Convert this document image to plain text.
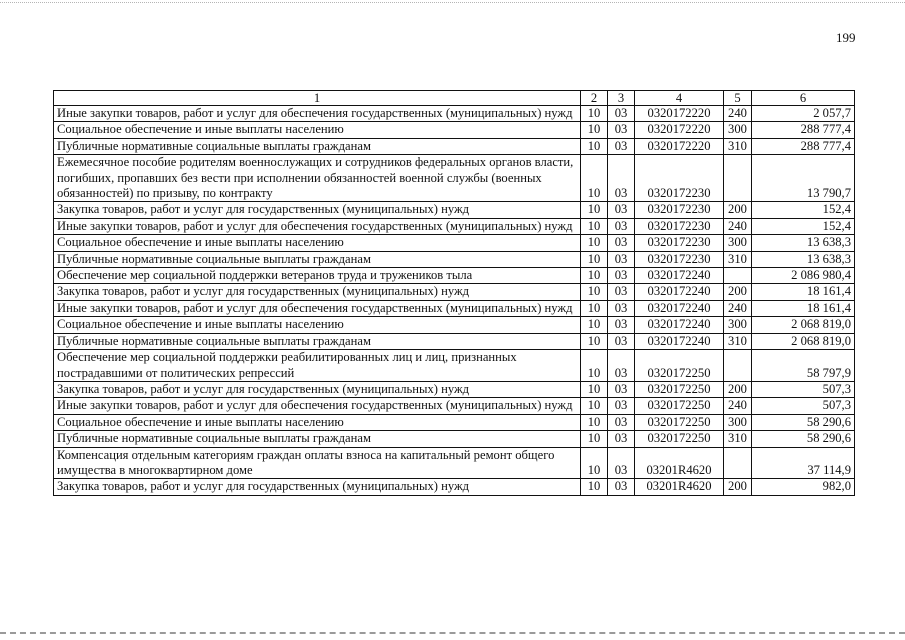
199
1	2	3	4	5	6
Иные закупки товаров, работ и услуг для обеспечения государственных (муниципальных) нужд	10	03	0320172220	240	2 057,7
Социальное обеспечение и иные выплаты населению	10	03	0320172220	300	288 777,4
Публичные нормативные социальные выплаты гражданам	10	03	0320172220	310	288 777,4
Ежемесячное пособие родителям военнослужащих и сотрудников федеральных органов власти, погибших, пропавших без вести при исполнении обязанностей военной службы (военных обязанностей) по призыву, по контракту	10	03	0320172230		13 790,7
Закупка товаров, работ и услуг для государственных (муниципальных) нужд	10	03	0320172230	200	152,4
Иные закупки товаров, работ и услуг для обеспечения государственных (муниципальных) нужд	10	03	0320172230	240	152,4
Социальное обеспечение и иные выплаты населению	10	03	0320172230	300	13 638,3
Публичные нормативные социальные выплаты гражданам	10	03	0320172230	310	13 638,3
Обеспечение мер социальной поддержки ветеранов труда и тружеников тыла	10	03	0320172240		2 086 980,4
Закупка товаров, работ и услуг для государственных (муниципальных) нужд	10	03	0320172240	200	18 161,4
Иные закупки товаров, работ и услуг для обеспечения государственных (муниципальных) нужд	10	03	0320172240	240	18 161,4
Социальное обеспечение и иные выплаты населению	10	03	0320172240	300	2 068 819,0
Публичные нормативные социальные выплаты гражданам	10	03	0320172240	310	2 068 819,0
Обеспечение мер социальной поддержки реабилитированных лиц и лиц, признанных пострадавшими от политических репрессий	10	03	0320172250		58 797,9
Закупка товаров, работ и услуг для государственных (муниципальных) нужд	10	03	0320172250	200	507,3
Иные закупки товаров, работ и услуг для обеспечения государственных (муниципальных) нужд	10	03	0320172250	240	507,3
Социальное обеспечение и иные выплаты населению	10	03	0320172250	300	58 290,6
Публичные нормативные социальные выплаты гражданам	10	03	0320172250	310	58 290,6
Компенсация отдельным категориям граждан оплаты взноса на капитальный ремонт общего имущества в многоквартирном доме	10	03	03201R4620		37 114,9
Закупка товаров, работ и услуг для государственных (муниципальных) нужд	10	03	03201R4620	200	982,0
